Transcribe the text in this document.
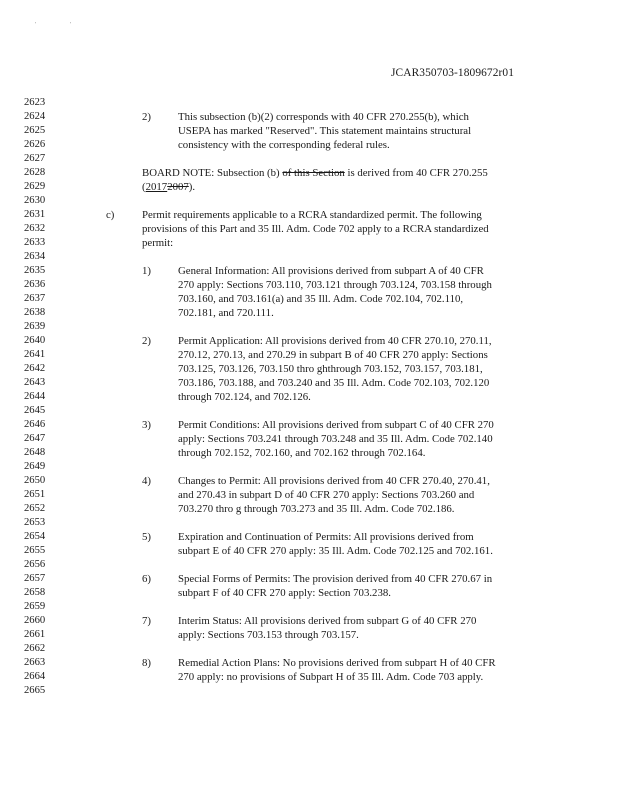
'	'
JCAR350703-1809672r01
2623
2624
2625
2626
2627
2628
2629
2630
2631
2632
2633
2634
2635
2636
2637
2638
2639
2640
2641
2642
2643
2644
2645
2646
2647
2648
2649
2650
2651
2652
2653
2654
2655
2656
2657
2658
2659
2660
2661
2662
2663
2664
2665
2)	This subsection (b)(2) corresponds with 40 CFR 270.255(b), which
USEPA has marked "Reserved". This statement maintains structural
consistency with the corresponding federal rules.
BOARD NOTE: Subsection (b) of this Section is derived from 40 CFR 270.255
(20172007).
c)	Permit requirements applicable to a RCRA standardized permit. The following
provisions of this Part and 35 Ill. Adm. Code 702 apply to a RCRA standardized
permit:
1)	General Information: All provisions derived from subpart A of 40 CFR
270 apply: Sections 703.110, 703.121 through 703.124, 703.158 through
703.160, and 703.161(a) and 35 Ill. Adm. Code 702.104, 702.110,
702.181, and 720.111.
2)	Permit Application: All provisions derived from 40 CFR 270.10, 270.11,
270.12, 270.13, and 270.29 in subpart B of 40 CFR 270 apply: Sections
703.125, 703.126, 703.150 thro ghthrough 703.152, 703.157, 703.181,
703.186, 703.188, and 703.240 and 35 Ill. Adm. Code 702.103, 702.120
through 702.124, and 702.126.
3)	Permit Conditions: All provisions derived from subpart C of 40 CFR 270
apply: Sections 703.241 through 703.248 and 35 Ill. Adm. Code 702.140
through 702.152, 702.160, and 702.162 through 702.164.
4)	Changes to Permit: All provisions derived from 40 CFR 270.40, 270.41,
and 270.43 in subpart D of 40 CFR 270 apply: Sections 703.260 and
703.270 thro g through 703.273 and 35 Ill. Adm. Code 702.186.
5)	Expiration and Continuation of Permits: All provisions derived from
subpart E of 40 CFR 270 apply: 35 Ill. Adm. Code 702.125 and 702.161.
6)	Special Forms of Permits: The provision derived from 40 CFR 270.67 in
subpart F of 40 CFR 270 apply: Section 703.238.
7)	Interim Status: All provisions derived from subpart G of 40 CFR 270
apply: Sections 703.153 through 703.157.
8)	Remedial Action Plans: No provisions derived from subpart H of 40 CFR
270 apply: no provisions of Subpart H of 35 Ill. Adm. Code 703 apply.
